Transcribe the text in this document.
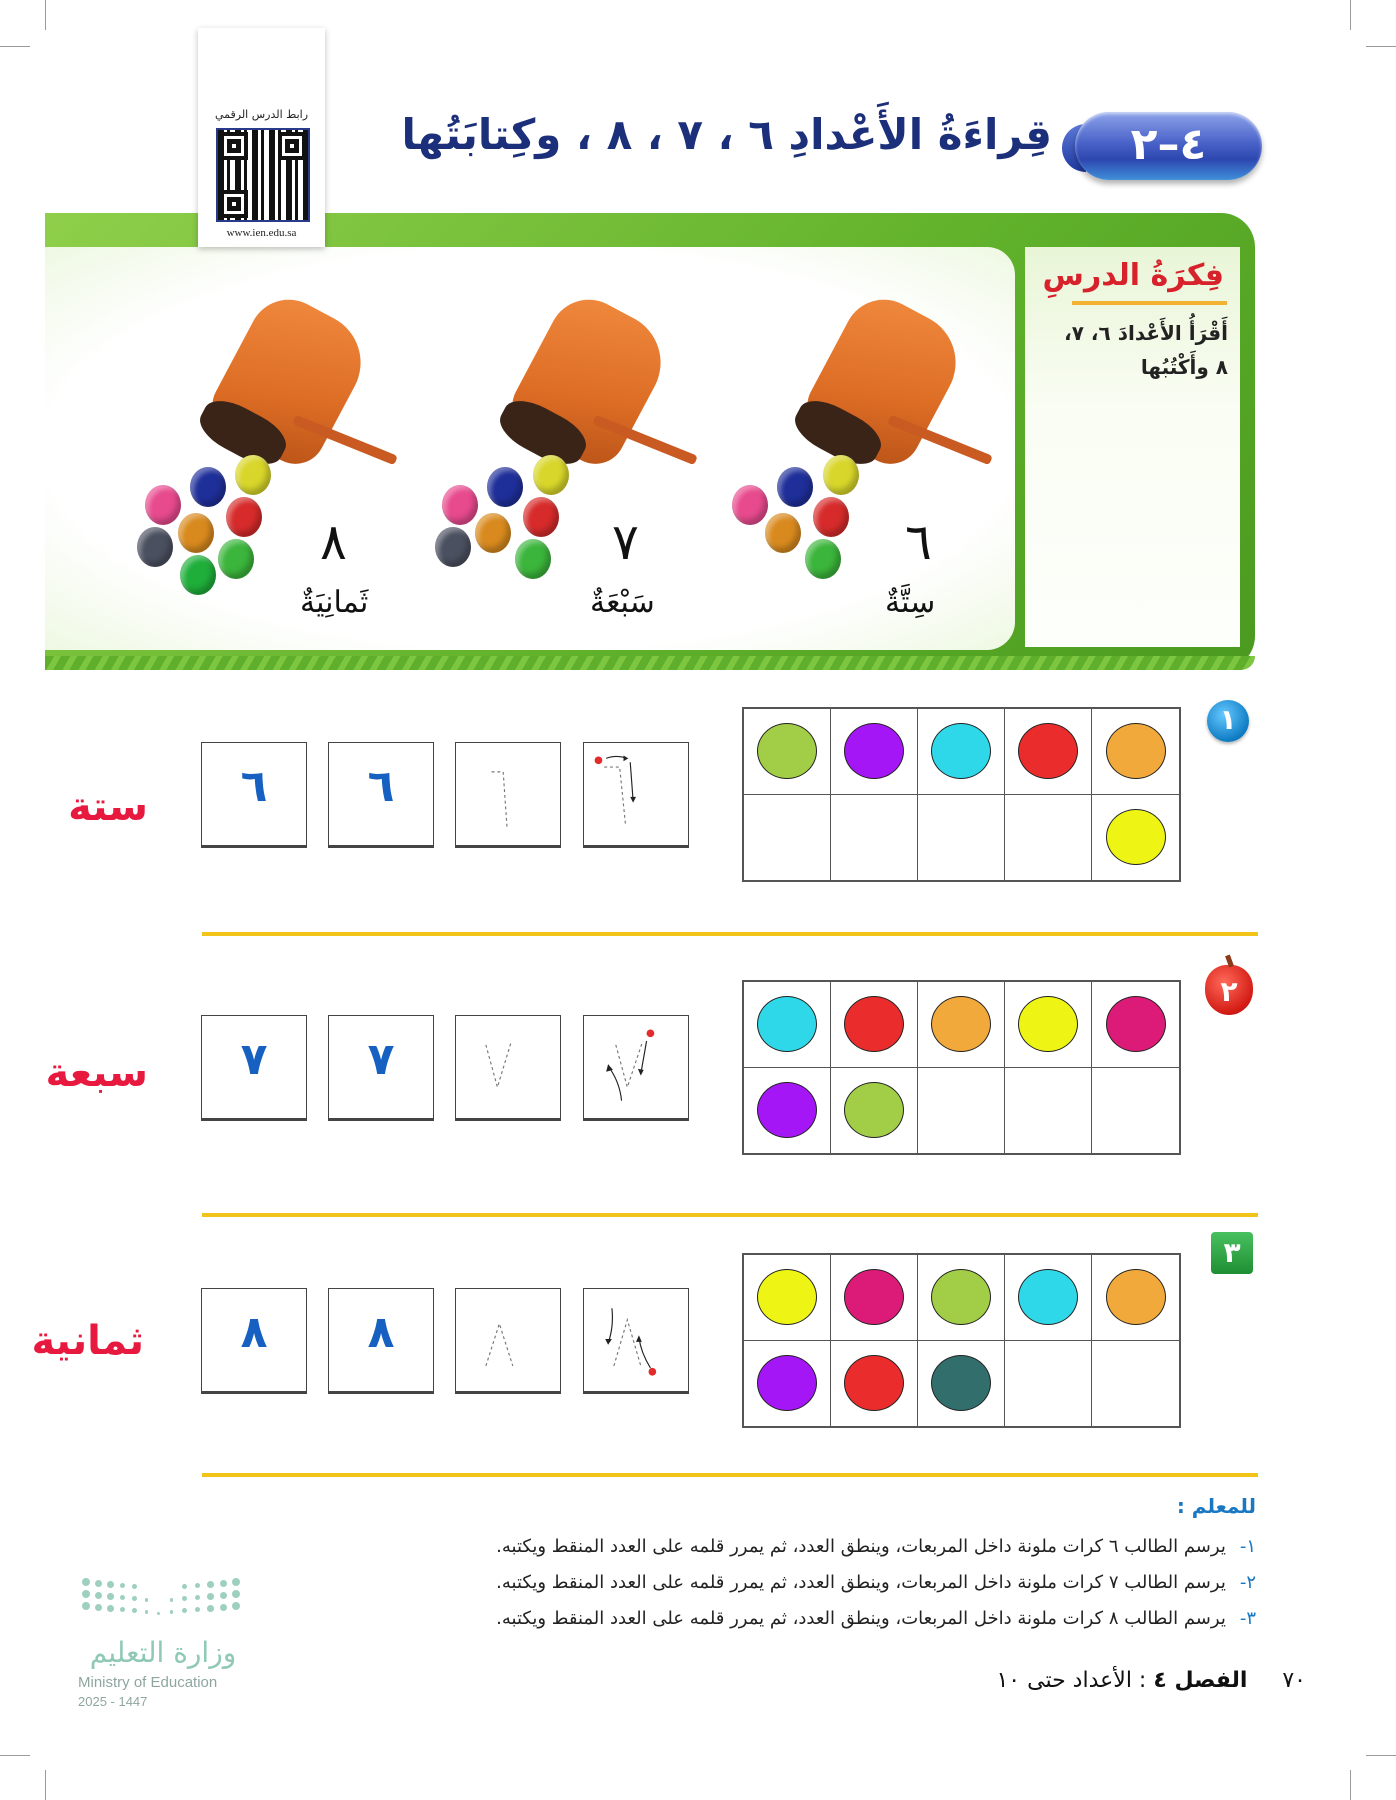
٤–٢
قِراءَةُ الأَعْدادِ ٦ ، ٧ ، ٨ ، وكِتابَتُها
فِكرَةُ الدرسِ
أَقْرَأُ الأَعْدادَ ٦، ٧، ٨ وأَكْتُبُها
رابط الدرس الرقمي
www.ien.edu.sa
٦
سِتَّةٌ
٧
سَبْعَةٌ
٨
ثَمانِيَةٌ
١
ستة	٦	٦
٢
سبعة	٧	٧
٣
ثمانية	٨	٨
للمعلم :
١-يرسم الطالب ٦ كرات ملونة داخل المربعات، وينطق العدد، ثم يمرر قلمه على العدد المنقط ويكتبه.
٢-يرسم الطالب ٧ كرات ملونة داخل المربعات، وينطق العدد، ثم يمرر قلمه على العدد المنقط ويكتبه.
٣-يرسم الطالب ٨ كرات ملونة داخل المربعات، وينطق العدد، ثم يمرر قلمه على العدد المنقط ويكتبه.
٧٠     الفصل ٤ : الأعداد حتى ١٠
وزارة التعليم
Ministry of Education
2025 - 1447
